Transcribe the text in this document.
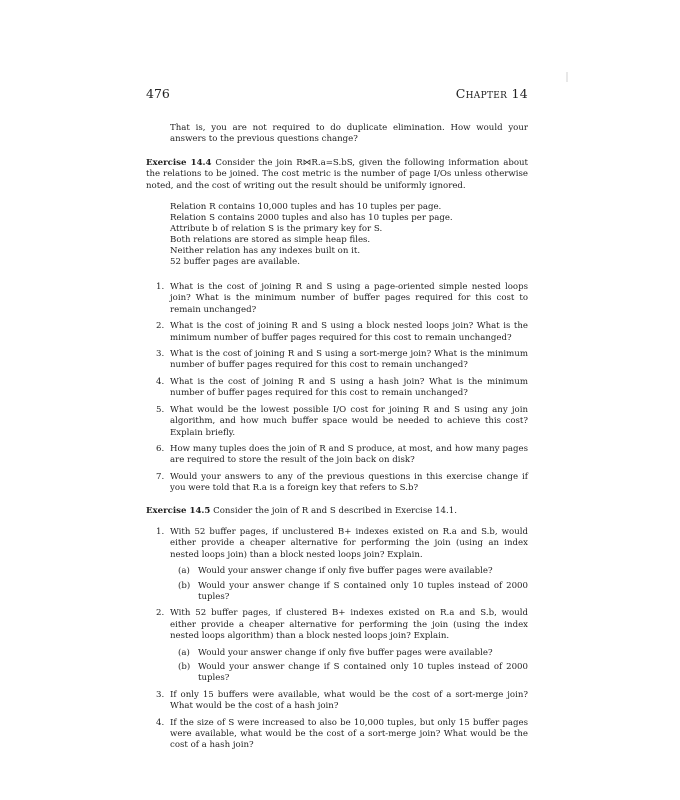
476	Chapter 14

That is, you are not required to do duplicate elimination. How would your answers to the previous questions change?

Exercise 14.4 Consider the join R⋈R.a=S.bS, given the following information about the relations to be joined. The cost metric is the number of page I/Os unless otherwise noted, and the cost of writing out the result should be uniformly ignored.

Relation R contains 10,000 tuples and has 10 tuples per page.
Relation S contains 2000 tuples and also has 10 tuples per page.
Attribute b of relation S is the primary key for S.
Both relations are stored as simple heap files.
Neither relation has any indexes built on it.
52 buffer pages are available.
1. What is the cost of joining R and S using a page-oriented simple nested loops join? What is the minimum number of buffer pages required for this cost to remain unchanged?
2. What is the cost of joining R and S using a block nested loops join? What is the minimum number of buffer pages required for this cost to remain unchanged?
3. What is the cost of joining R and S using a sort-merge join? What is the minimum number of buffer pages required for this cost to remain unchanged?
4. What is the cost of joining R and S using a hash join? What is the minimum number of buffer pages required for this cost to remain unchanged?
5. What would be the lowest possible I/O cost for joining R and S using any join algorithm, and how much buffer space would be needed to achieve this cost? Explain briefly.
6. How many tuples does the join of R and S produce, at most, and how many pages are required to store the result of the join back on disk?
7. Would your answers to any of the previous questions in this exercise change if you were told that R.a is a foreign key that refers to S.b?

Exercise 14.5 Consider the join of R and S described in Exercise 14.1.

1. With 52 buffer pages, if unclustered B+ indexes existed on R.a and S.b, would either provide a cheaper alternative for performing the join (using an index nested loops join) than a block nested loops join? Explain.
(a) Would your answer change if only five buffer pages were available?
(b) Would your answer change if S contained only 10 tuples instead of 2000 tuples?
2. With 52 buffer pages, if clustered B+ indexes existed on R.a and S.b, would either provide a cheaper alternative for performing the join (using the index nested loops algorithm) than a block nested loops join? Explain.
(a) Would your answer change if only five buffer pages were available?
(b) Would your answer change if S contained only 10 tuples instead of 2000 tuples?
3. If only 15 buffers were available, what would be the cost of a sort-merge join? What would be the cost of a hash join?
4. If the size of S were increased to also be 10,000 tuples, but only 15 buffer pages were available, what would be the cost of a sort-merge join? What would be the cost of a hash join?
